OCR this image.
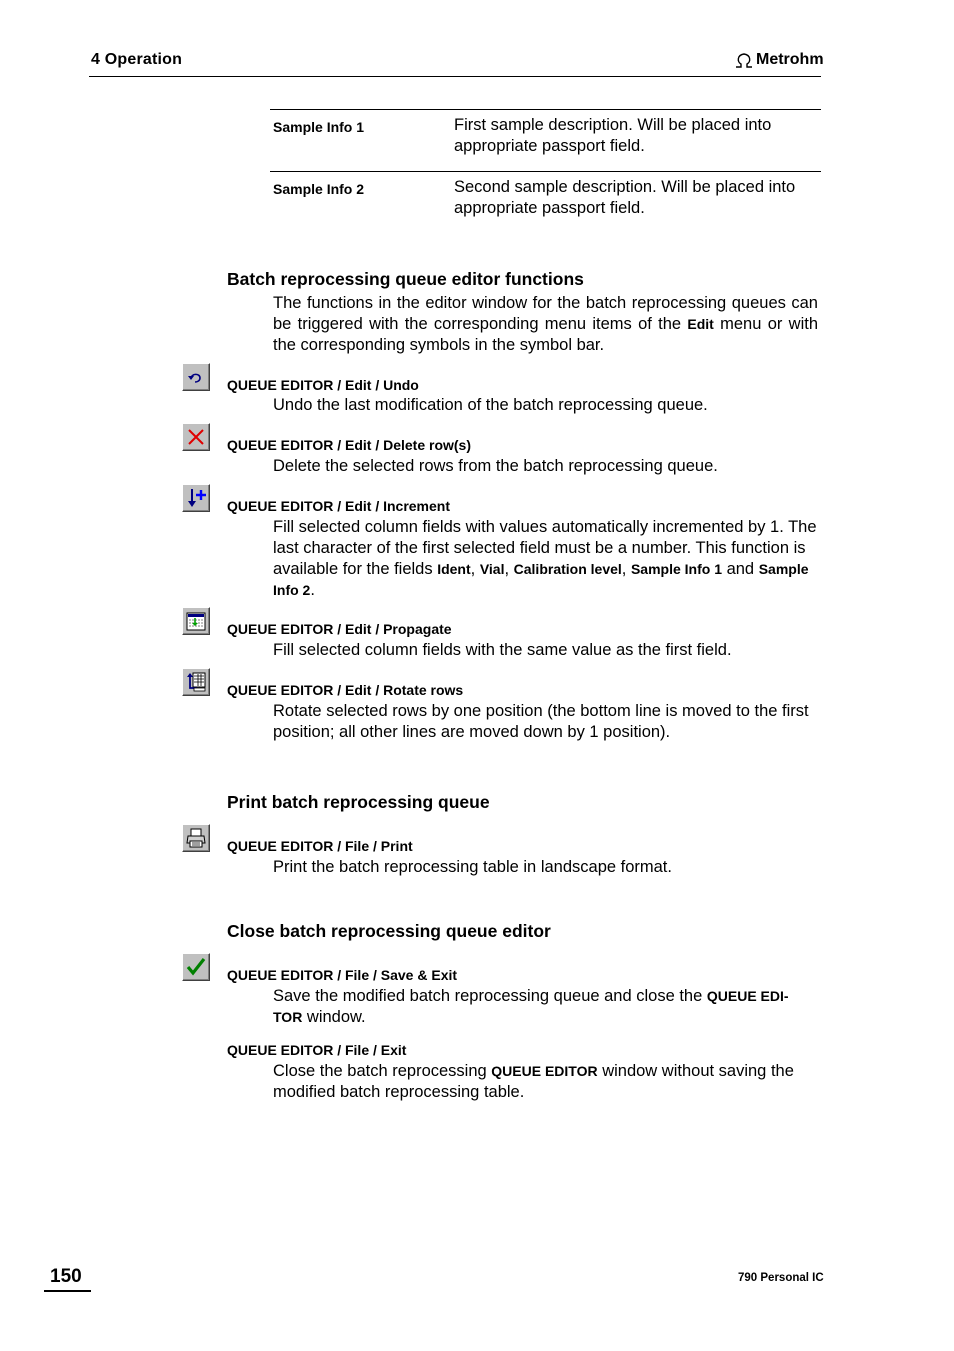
4 Operation	Metrohm
Sample Info 1	First sample description. Will be placed into appropriate passport field.
Sample Info 2	Second sample description. Will be placed into appropriate passport field.
Batch reprocessing queue editor functions
The functions in the editor window for the batch reprocessing queues can be triggered with the corresponding menu items of the Edit menu or with the corresponding symbols in the symbol bar.
QUEUE EDITOR / Edit / Undo
Undo the last modification of the batch reprocessing queue.
QUEUE EDITOR / Edit / Delete row(s)
Delete the selected rows from the batch reprocessing queue.
QUEUE EDITOR / Edit / Increment
Fill selected column fields with values automatically incremented by 1. The last character of the first selected field must be a number. This function is available for the fields Ident, Vial, Calibration level, Sample Info 1 and Sample Info 2.
QUEUE EDITOR / Edit / Propagate
Fill selected column fields with the same value as the first field.
QUEUE EDITOR / Edit / Rotate rows
Rotate selected rows by one position (the bottom line is moved to the first position; all other lines are moved down by 1 position).
Print batch reprocessing queue
QUEUE EDITOR / File / Print
Print the batch reprocessing table in landscape format.
Close batch reprocessing queue editor
QUEUE EDITOR / File / Save & Exit
Save the modified batch reprocessing queue and close the QUEUE EDI-
TOR window.
QUEUE EDITOR / File / Exit
Close the batch reprocessing QUEUE EDITOR window without saving the modified batch reprocessing table.
150	790 Personal IC
